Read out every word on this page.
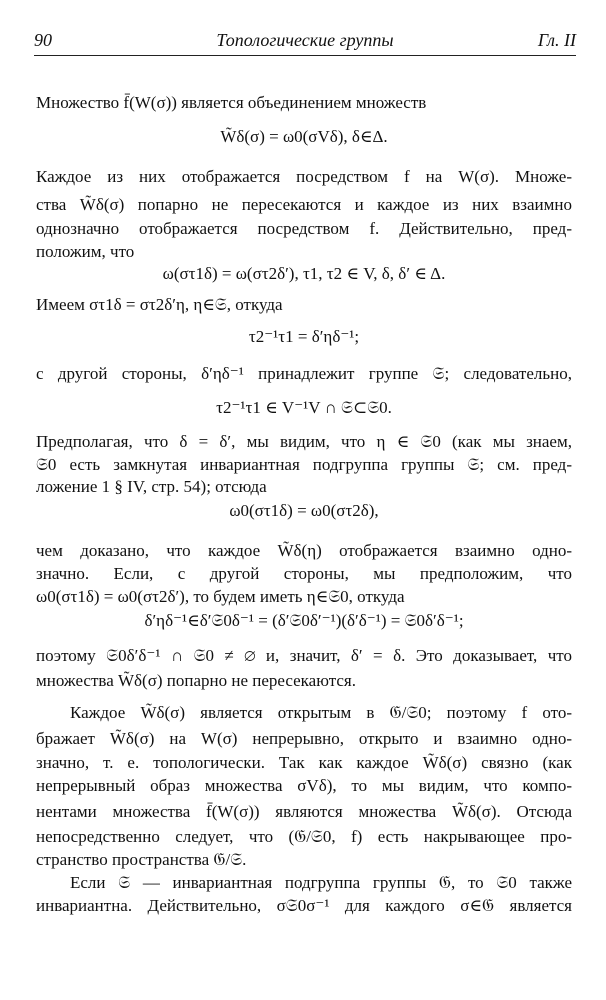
90	Топологические группы	Гл. II
Множество f̄(W(σ)) является объединением множеств
W̃δ(σ) = ω0(σVδ), δ∈Δ.
Каждое из них отображается посредством f на W(σ). Множе-
ства W̃δ(σ) попарно не пересекаются и каждое из них взаимно
однозначно отображается посредством f. Действительно, пред-
положим, что
ω(στ1δ) = ω(στ2δ′), τ1, τ2 ∈ V, δ, δ′ ∈ Δ.
Имеем στ1δ = στ2δ′η, η∈𝔖, откуда
τ2⁻¹τ1 = δ′ηδ⁻¹;
с другой стороны, δ′ηδ⁻¹ принадлежит группе 𝔖; следовательно,
τ2⁻¹τ1 ∈ V⁻¹V ∩ 𝔖⊂𝔖0.
Предполагая, что δ = δ′, мы видим, что η ∈ 𝔖0 (как мы знаем,
𝔖0 есть замкнутая инвариантная подгруппа группы 𝔖; см. пред-
ложение 1 § IV, стр. 54); отсюда
ω0(στ1δ) = ω0(στ2δ),
чем доказано, что каждое W̃δ(η) отображается взаимно одно-
значно. Если, с другой стороны, мы предположим, что
ω0(στ1δ) = ω0(στ2δ′), то будем иметь η∈𝔖0, откуда
δ′ηδ⁻¹∈δ′𝔖0δ⁻¹ = (δ′𝔖0δ′⁻¹)(δ′δ⁻¹) = 𝔖0δ′δ⁻¹;
поэтому 𝔖0δ′δ⁻¹ ∩ 𝔖0 ≠ ∅ и, значит, δ′ = δ. Это доказывает, что
множества W̃δ(σ) попарно не пересекаются.
Каждое W̃δ(σ) является открытым в 𝔊/𝔖0; поэтому f ото-
бражает W̃δ(σ) на W(σ) непрерывно, открыто и взаимно одно-
значно, т. е. топологически. Так как каждое W̃δ(σ) связно (как
непрерывный образ множества σVδ), то мы видим, что компо-
нентами множества f̄(W(σ)) являются множества W̃δ(σ). Отсюда
непосредственно следует, что (𝔊/𝔖0, f) есть накрывающее про-
странство пространства 𝔊/𝔖.
Если 𝔖 — инвариантная подгруппа группы 𝔊, то 𝔖0 также
инвариантна. Действительно, σ𝔖0σ⁻¹ для каждого σ∈𝔊 является
